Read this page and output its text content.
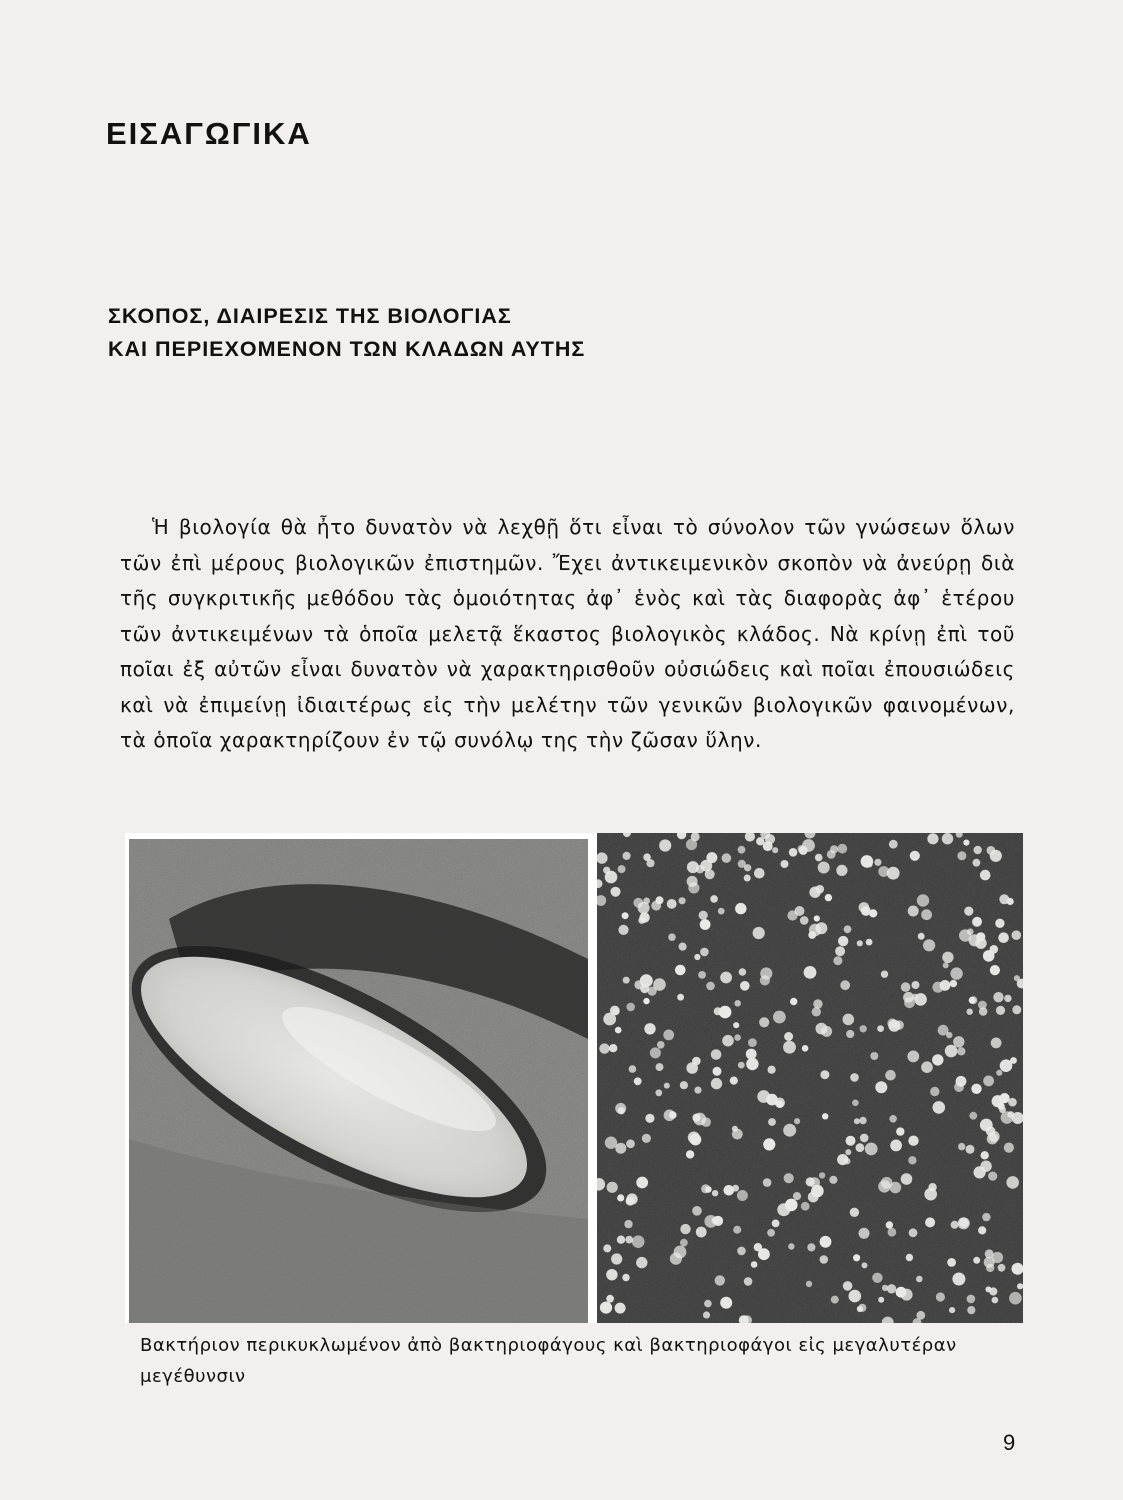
ΕΙΣΑΓΩΓΙΚΑ
ΣΚΟΠΟΣ, ΔΙΑΙΡΕΣΙΣ ΤΗΣ ΒΙΟΛΟΓΙΑΣ
ΚΑΙ ΠΕΡΙΕΧΟΜΕΝΟΝ ΤΩΝ ΚΛΑΔΩΝ ΑΥΤΗΣ

Ἡ βιολογία θὰ ἦτο δυνατὸν νὰ λεχθῇ ὅτι εἶναι τὸ σύνολον τῶν γνώσεων ὅλων τῶν ἐπὶ μέρους βιολογικῶν ἐπιστημῶν. Ἔχει ἀντικειμενικὸν σκοπὸν νὰ ἀνεύρῃ διὰ τῆς συγκριτικῆς μεθόδου τὰς ὁμοιότητας ἀφ᾽ ἑνὸς καὶ τὰς διαφορὰς ἀφ᾽ ἑτέρου τῶν ἀντικειμένων τὰ ὁποῖα μελετᾷ ἕκαστος βιολογικὸς κλάδος. Νὰ κρίνῃ ἐπὶ τοῦ ποῖαι ἐξ αὐτῶν εἶναι δυνατὸν νὰ χαρακτηρισθοῦν οὐσιώδεις καὶ ποῖαι ἐπουσιώδεις καὶ νὰ ἐπιμείνῃ ἰδιαιτέρως εἰς τὴν μελέτην τῶν γενικῶν βιολογικῶν φαινομένων, τὰ ὁποῖα χαρακτηρίζουν ἐν τῷ συνόλῳ της τὴν ζῶσαν ὕλην.

Βακτήριον περικυκλωμένον ἀπὸ βακτηριοφάγους καὶ βακτηριοφάγοι εἰς μεγαλυτέραν μεγέθυνσιν

9
